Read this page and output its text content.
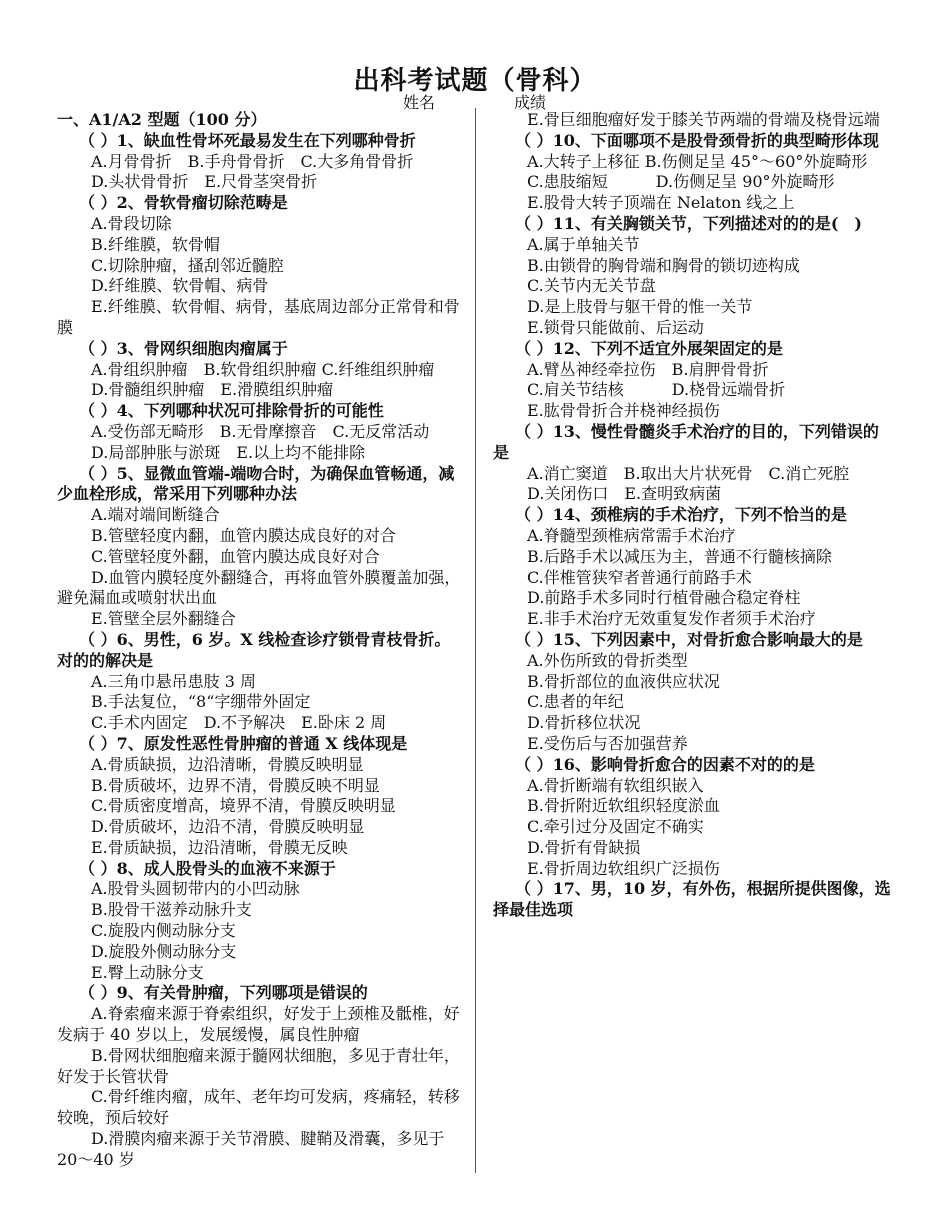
出科考试题（骨科）
姓名	成绩
一、A1/A2 型题（100 分）
（ ）1、缺血性骨坏死最易发生在下列哪种骨折
A.月骨骨折　B.手舟骨骨折　C.大多角骨骨折
D.头状骨骨折　E.尺骨茎突骨折
（ ）2、骨软骨瘤切除范畴是
A.骨段切除
B.纤维膜，软骨帽
C.切除肿瘤，搔刮邻近髓腔
D.纤维膜、软骨帽、病骨
E.纤维膜、软骨帽、病骨，基底周边部分正常骨和骨膜
（ ）3、骨网织细胞肉瘤属于
A.骨组织肿瘤　B.软骨组织肿瘤 C.纤维组织肿瘤
D.骨髓组织肿瘤　E.滑膜组织肿瘤
（ ）4、下列哪种状况可排除骨折的可能性
A.受伤部无畸形　B.无骨摩擦音　C.无反常活动
D.局部肿胀与淤斑　E.以上均不能排除
（ ）5、显微血管端-端吻合时，为确保血管畅通，减少血栓形成，常采用下列哪种办法
A.端对端间断缝合
B.管壁轻度内翻，血管内膜达成良好的对合
C.管壁轻度外翻，血管内膜达成良好对合
D.血管内膜轻度外翻缝合，再将血管外膜覆盖加强，避免漏血或喷射状出血
E.管壁全层外翻缝合
（ ）6、男性，6 岁。X 线检查诊疗锁骨青枝骨折。对的的解决是
A.三角巾悬吊患肢 3 周
B.手法复位，“8“字绷带外固定
C.手术内固定　D.不予解决　E.卧床 2 周
（ ）7、原发性恶性骨肿瘤的普通 X 线体现是
A.骨质缺损，边沿清晰，骨膜反映明显
B.骨质破坏，边界不清，骨膜反映不明显
C.骨质密度增高，境界不清，骨膜反映明显
D.骨质破坏，边沿不清，骨膜反映明显
E.骨质缺损，边沿清晰，骨膜无反映
（ ）8、成人股骨头的血液不来源于
A.股骨头圆韧带内的小凹动脉
B.股骨干滋养动脉升支
C.旋股内侧动脉分支
D.旋股外侧动脉分支
E.臀上动脉分支
（ ）9、有关骨肿瘤，下列哪项是错误的
A.脊索瘤来源于脊索组织，好发于上颈椎及骶椎，好发病于 40 岁以上，发展缓慢，属良性肿瘤
B.骨网状细胞瘤来源于髓网状细胞，多见于青壮年，好发于长管状骨
C.骨纤维肉瘤，成年、老年均可发病，疼痛轻，转移较晚，预后较好
D.滑膜肉瘤来源于关节滑膜、腱鞘及滑囊，多见于 20～40 岁
E.骨巨细胞瘤好发于膝关节两端的骨端及桡骨远端
（ ）10、下面哪项不是股骨颈骨折的典型畸形体现
A.大转子上移征 B.伤侧足呈 45°～60°外旋畸形
C.患肢缩短　　　D.伤侧足呈 90°外旋畸形
E.股骨大转子顶端在 Nelaton 线之上
（ ）11、有关胸锁关节，下列描述对的的是(　)
A.属于单轴关节
B.由锁骨的胸骨端和胸骨的锁切迹构成
C.关节内无关节盘
D.是上肢骨与躯干骨的惟一关节
E.锁骨只能做前、后运动
（ ）12、下列不适宜外展架固定的是
A.臂丛神经牵拉伤　B.肩胛骨骨折
C.肩关节结核　　　D.桡骨远端骨折
E.肱骨骨折合并桡神经损伤
（ ）13、慢性骨髓炎手术治疗的目的，下列错误的是
A.消亡窦道　B.取出大片状死骨　C.消亡死腔
D.关闭伤口　E.查明致病菌
（ ）14、颈椎病的手术治疗，下列不恰当的是
A.脊髓型颈椎病常需手术治疗
B.后路手术以减压为主，普通不行髓核摘除
C.伴椎管狭窄者普通行前路手术
D.前路手术多同时行植骨融合稳定脊柱
E.非手术治疗无效重复发作者须手术治疗
（ ）15、下列因素中，对骨折愈合影响最大的是
A.外伤所致的骨折类型
B.骨折部位的血液供应状况
C.患者的年纪
D.骨折移位状况
E.受伤后与否加强营养
（ ）16、影响骨折愈合的因素不对的的是
A.骨折断端有软组织嵌入
B.骨折附近软组织轻度淤血
C.牵引过分及固定不确实
D.骨折有骨缺损
E.骨折周边软组织广泛损伤
（ ）17、男，10 岁，有外伤，根据所提供图像，选择最佳选项
